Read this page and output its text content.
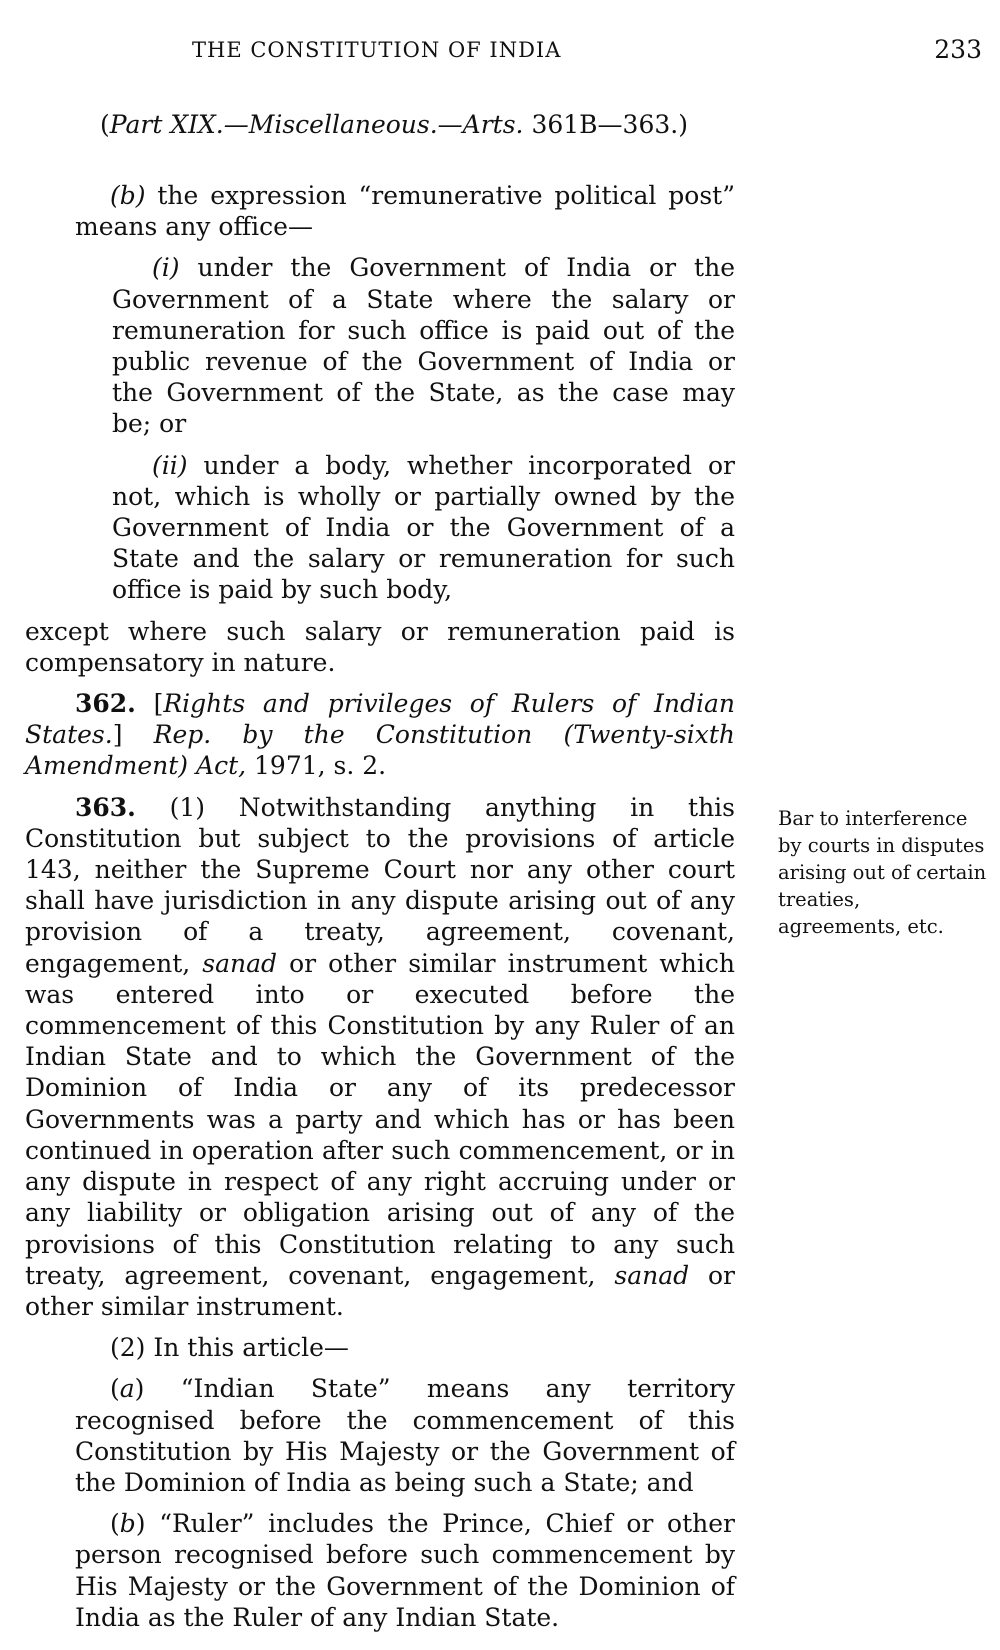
THE CONSTITUTION OF INDIA	233
(Part XIX.—Miscellaneous.—Arts. 361B—363.)

(b) the expression “remunerative political post” means any office—

(i) under the Government of India or the Government of a State where the salary or remuneration for such office is paid out of the public revenue of the Government of India or the Government of the State, as the case may be; or

(ii) under a body, whether incorporated or not, which is wholly or partially owned by the Government of India or the Government of a State and the salary or remuneration for such office is paid by such body,

except where such salary or remuneration paid is compensatory in nature.

362. [Rights and privileges of Rulers of Indian States.] Rep. by the Constitution (Twenty-sixth Amendment) Act, 1971, s. 2.

363. (1) Notwithstanding anything in this Constitution but subject to the provisions of article 143, neither the Supreme Court nor any other court shall have jurisdiction in any dispute arising out of any provision of a treaty, agreement, covenant, engagement, sanad or other similar instrument which was entered into or executed before the commencement of this Constitution by any Ruler of an Indian State and to which the Government of the Dominion of India or any of its predecessor Governments was a party and which has or has been continued in operation after such commencement, or in any dispute in respect of any right accruing under or any liability or obligation arising out of any of the provisions of this Constitution relating to any such treaty, agreement, covenant, engagement, sanad or other similar instrument.

(2) In this article—

(a) “Indian State” means any territory recognised before the commencement of this Constitution by His Majesty or the Government of the Dominion of India as being such a State; and

(b) “Ruler” includes the Prince, Chief or other person recognised before such commencement by His Majesty or the Government of the Dominion of India as the Ruler of any Indian State.

Bar to interference by courts in disputes arising out of certain treaties, agreements, etc.
